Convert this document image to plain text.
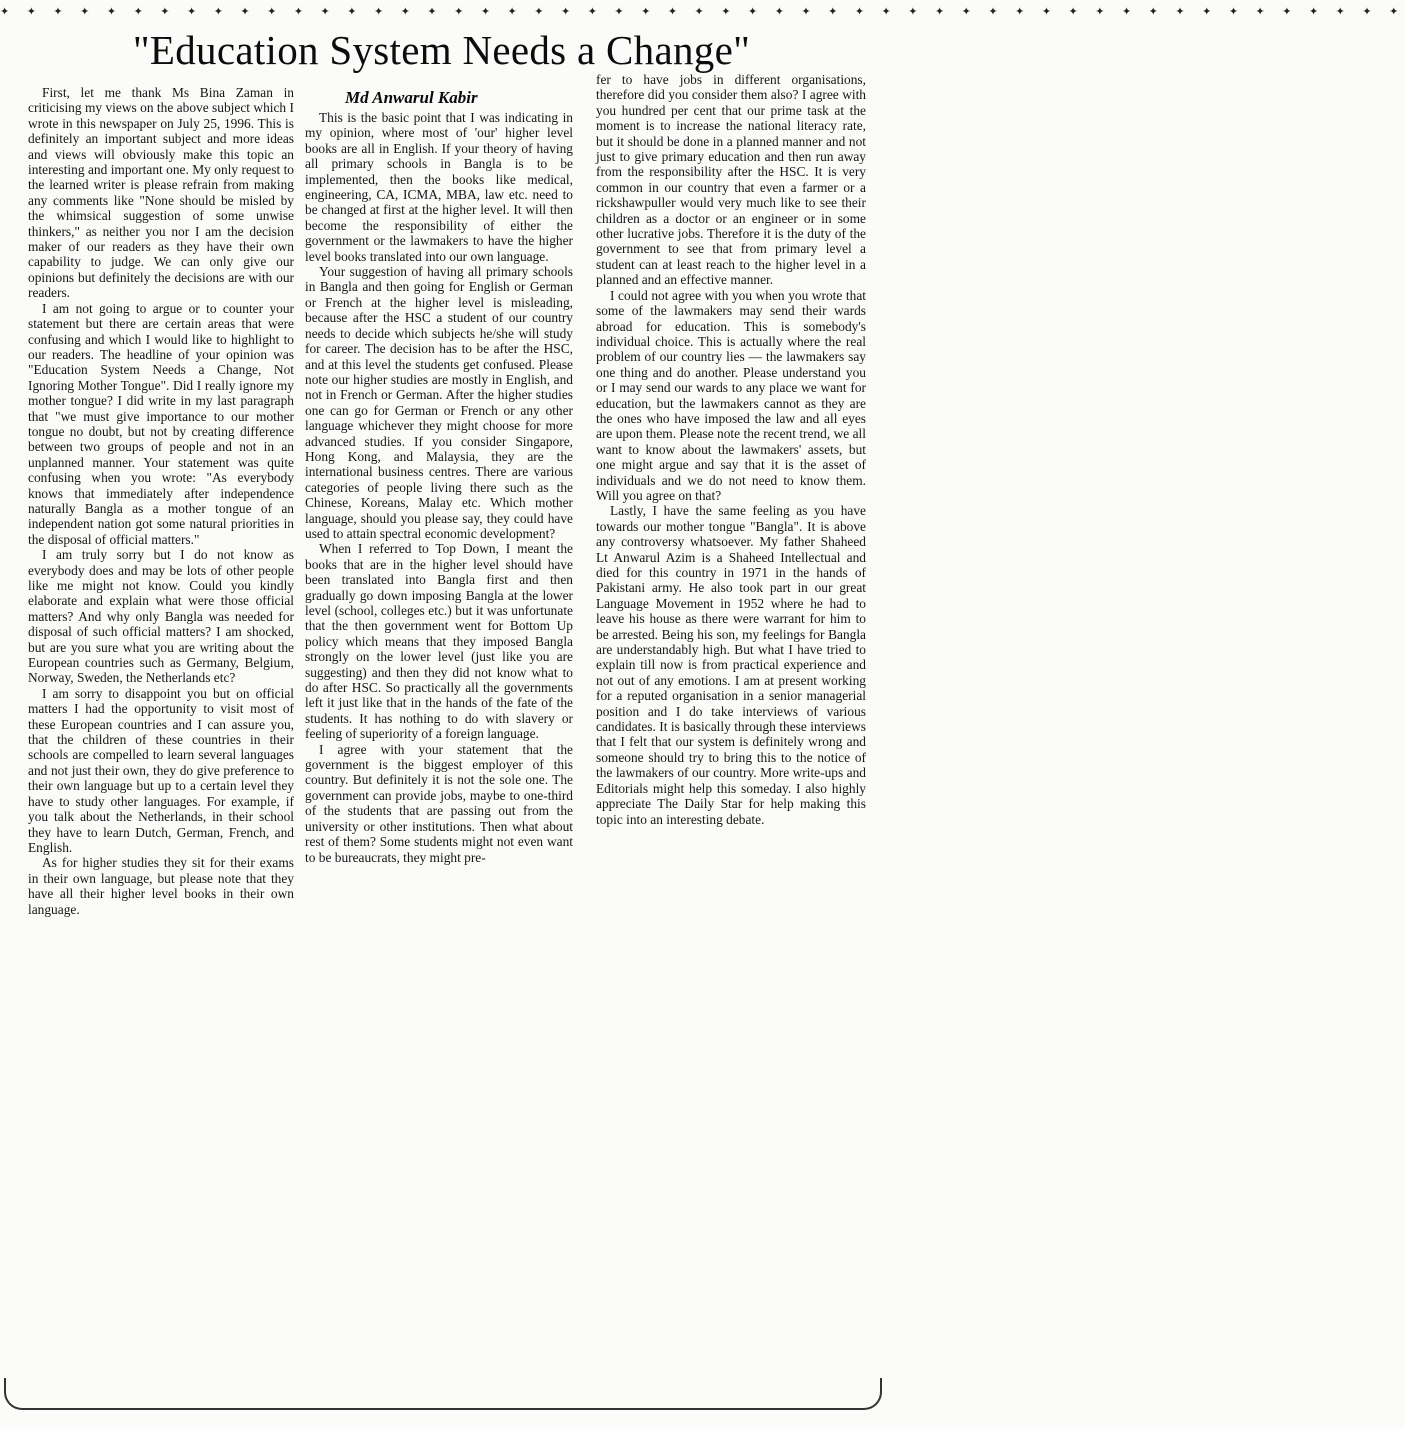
✦ ✦ ✦ ✦ ✦ ✦ ✦ ✦ ✦ ✦ ✦ ✦ ✦ ✦ ✦ ✦ ✦ ✦ ✦ ✦ ✦ ✦ ✦ ✦ ✦ ✦ ✦ ✦ ✦ ✦ ✦ ✦ ✦ ✦ ✦ ✦ ✦ ✦ ✦ ✦ ✦ ✦ ✦ ✦ ✦ ✦ ✦ ✦ ✦ ✦ ✦ ✦ ✦
"Education System Needs a Change"

First, let me thank Ms Bina Zaman in criticising my views on the above subject which I wrote in this newspaper on July 25, 1996. This is definitely an important subject and more ideas and views will obviously make this topic an interesting and important one. My only request to the learned writer is please refrain from making any comments like "None should be misled by the whimsical suggestion of some unwise thinkers," as neither you nor I am the decision maker of our readers as they have their own capability to judge. We can only give our opinions but definitely the decisions are with our readers.

I am not going to argue or to counter your statement but there are certain areas that were confusing and which I would like to highlight to our readers. The headline of your opinion was "Education System Needs a Change, Not Ignoring Mother Tongue". Did I really ignore my mother tongue? I did write in my last paragraph that "we must give importance to our mother tongue no doubt, but not by creating difference between two groups of people and not in an unplanned manner. Your statement was quite confusing when you wrote: "As everybody knows that immediately after independence naturally Bangla as a mother tongue of an independent nation got some natural priorities in the disposal of official matters."

I am truly sorry but I do not know as everybody does and may be lots of other people like me might not know. Could you kindly elaborate and explain what were those official matters? And why only Bangla was needed for disposal of such official matters? I am shocked, but are you sure what you are writing about the European countries such as Germany, Belgium, Norway, Sweden, the Netherlands etc?

I am sorry to disappoint you but on official matters I had the opportunity to visit most of these European countries and I can assure you, that the children of these countries in their schools are compelled to learn several languages and not just their own, they do give preference to their own language but up to a certain level they have to study other languages. For example, if you talk about the Netherlands, in their school they have to learn Dutch, German, French, and English.

As for higher studies they sit for their exams in their own language, but please note that they have all their higher level books in their own language.

Md Anwarul Kabir

This is the basic point that I was indicating in my opinion, where most of 'our' higher level books are all in English. If your theory of having all primary schools in Bangla is to be implemented, then the books like medical, engineering, CA, ICMA, MBA, law etc. need to be changed at first at the higher level. It will then become the responsibility of either the government or the lawmakers to have the higher level books translated into our own language.

Your suggestion of having all primary schools in Bangla and then going for English or German or French at the higher level is misleading, because after the HSC a student of our country needs to decide which subjects he/she will study for career. The decision has to be after the HSC, and at this level the students get confused. Please note our higher studies are mostly in English, and not in French or German. After the higher studies one can go for German or French or any other language whichever they might choose for more advanced studies. If you consider Singapore, Hong Kong, and Malaysia, they are the international business centres. There are various categories of people living there such as the Chinese, Koreans, Malay etc. Which mother language, should you please say, they could have used to attain spectral economic development?

When I referred to Top Down, I meant the books that are in the higher level should have been translated into Bangla first and then gradually go down imposing Bangla at the lower level (school, colleges etc.) but it was unfortunate that the then government went for Bottom Up policy which means that they imposed Bangla strongly on the lower level (just like you are suggesting) and then they did not know what to do after HSC. So practically all the governments left it just like that in the hands of the fate of the students. It has nothing to do with slavery or feeling of superiority of a foreign language.

I agree with your statement that the government is the biggest employer of this country. But definitely it is not the sole one. The government can provide jobs, maybe to one-third of the students that are passing out from the university or other institutions. Then what about rest of them? Some students might not even want to be bureaucrats, they might pre-

fer to have jobs in different organisations, therefore did you consider them also? I agree with you hundred per cent that our prime task at the moment is to increase the national literacy rate, but it should be done in a planned manner and not just to give primary education and then run away from the responsibility after the HSC. It is very common in our country that even a farmer or a rickshawpuller would very much like to see their children as a doctor or an engineer or in some other lucrative jobs. Therefore it is the duty of the government to see that from primary level a student can at least reach to the higher level in a planned and an effective manner.

I could not agree with you when you wrote that some of the lawmakers may send their wards abroad for education. This is somebody's individual choice. This is actually where the real problem of our country lies — the lawmakers say one thing and do another. Please understand you or I may send our wards to any place we want for education, but the lawmakers cannot as they are the ones who have imposed the law and all eyes are upon them. Please note the recent trend, we all want to know about the lawmakers' assets, but one might argue and say that it is the asset of individuals and we do not need to know them. Will you agree on that?

Lastly, I have the same feeling as you have towards our mother tongue "Bangla". It is above any controversy whatsoever. My father Shaheed Lt Anwarul Azim is a Shaheed Intellectual and died for this country in 1971 in the hands of Pakistani army. He also took part in our great Language Movement in 1952 where he had to leave his house as there were warrant for him to be arrested. Being his son, my feelings for Bangla are understandably high. But what I have tried to explain till now is from practical experience and not out of any emotions. I am at present working for a reputed organisation in a senior managerial position and I do take interviews of various candidates. It is basically through these interviews that I felt that our system is definitely wrong and someone should try to bring this to the notice of the lawmakers of our country. More write-ups and Editorials might help this someday. I also highly appreciate The Daily Star for help making this topic into an interesting debate.
